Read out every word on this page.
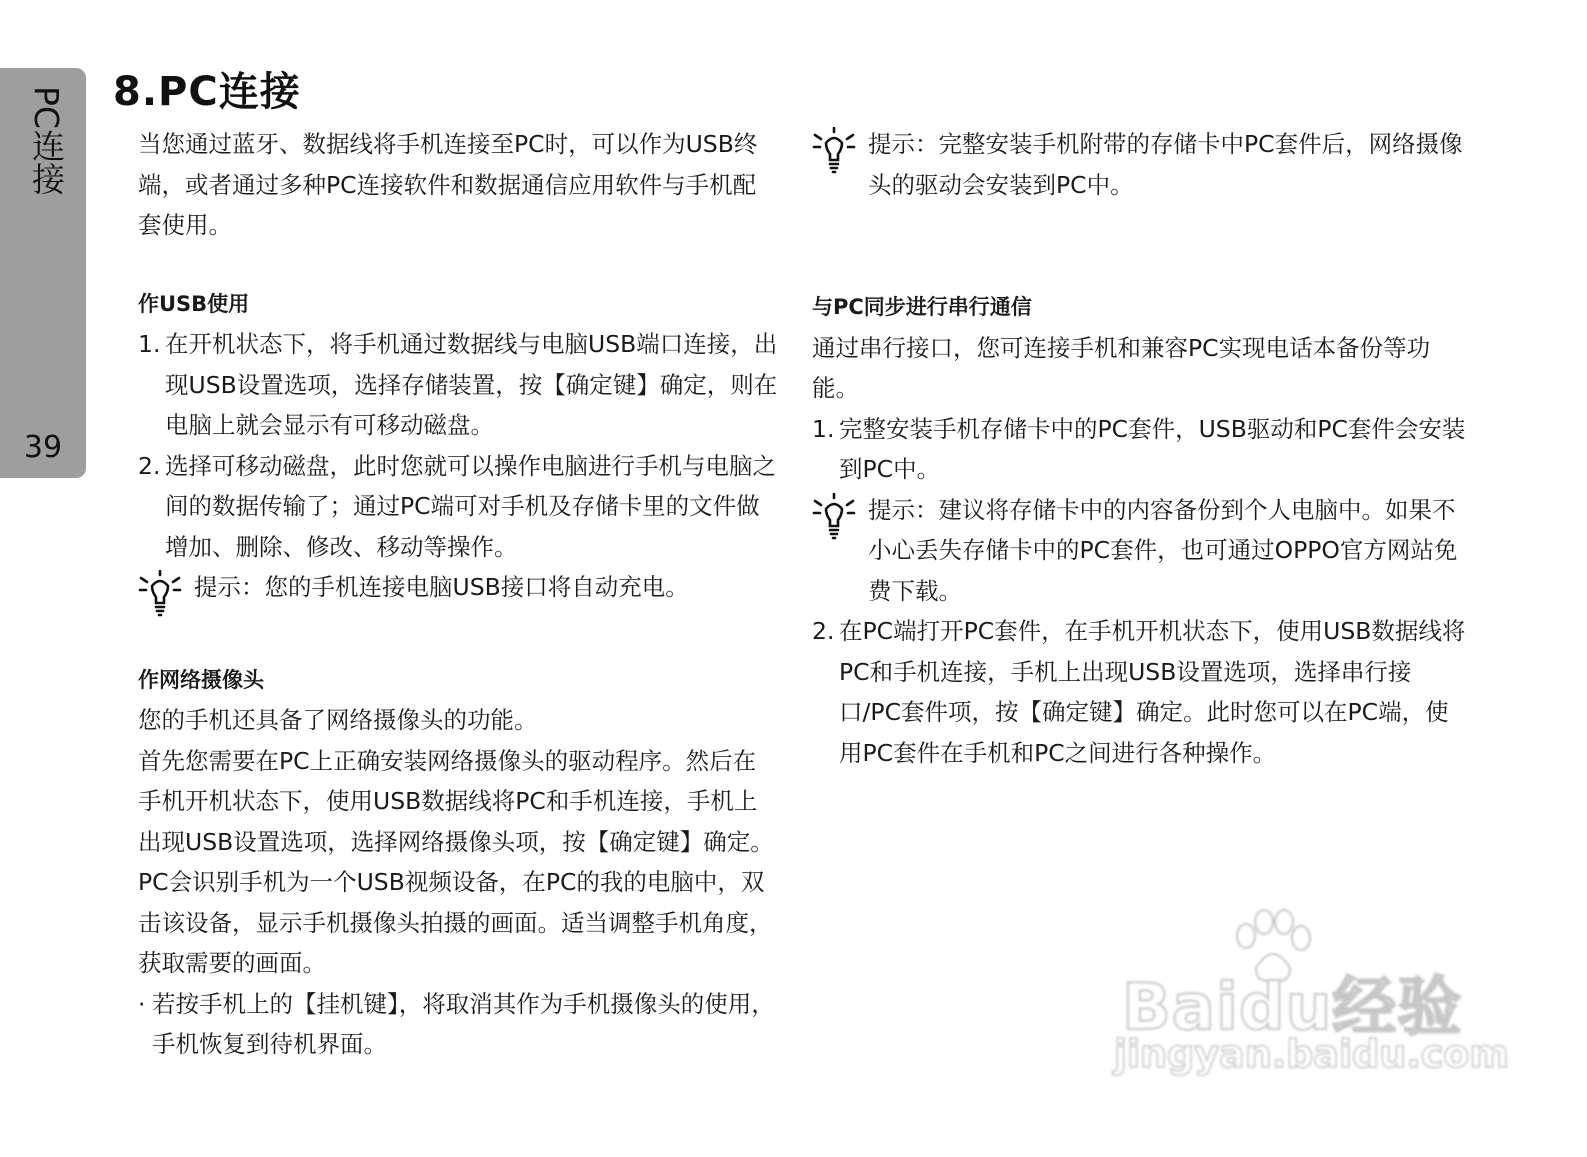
PC连接
39
8.PC连接

当您通过蓝牙、数据线将手机连接至PC时，可以作为USB终端，或者通过多种PC连接软件和数据通信应用软件与手机配套使用。

作USB使用

1. 在开机状态下，将手机通过数据线与电脑USB端口连接，出现USB设置选项，选择存储装置，按【确定键】确定，则在电脑上就会显示有可移动磁盘。

2. 选择可移动磁盘，此时您就可以操作电脑进行手机与电脑之间的数据传输了；通过PC端可对手机及存储卡里的文件做增加、删除、修改、移动等操作。

提示：您的手机连接电脑USB接口将自动充电。

作网络摄像头

您的手机还具备了网络摄像头的功能。

首先您需要在PC上正确安装网络摄像头的驱动程序。然后在手机开机状态下，使用USB数据线将PC和手机连接，手机上出现USB设置选项，选择网络摄像头项，按【确定键】确定。PC会识别手机为一个USB视频设备，在PC的我的电脑中，双击该设备，显示手机摄像头拍摄的画面。适当调整手机角度，获取需要的画面。

· 若按手机上的【挂机键】，将取消其作为手机摄像头的使用，手机恢复到待机界面。

提示：完整安装手机附带的存储卡中PC套件后，网络摄像头的驱动会安装到PC中。

与PC同步进行串行通信

通过串行接口，您可连接手机和兼容PC实现电话本备份等功能。

1. 完整安装手机存储卡中的PC套件，USB驱动和PC套件会安装到PC中。

提示：建议将存储卡中的内容备份到个人电脑中。如果不小心丢失存储卡中的PC套件，也可通过OPPO官方网站免费下载。

2. 在PC端打开PC套件，在手机开机状态下，使用USB数据线将PC和手机连接，手机上出现USB设置选项，选择串行接口/PC套件项，按【确定键】确定。此时您可以在PC端，使用PC套件在手机和PC之间进行各种操作。

Baidu经验
jingyan.baidu.com
